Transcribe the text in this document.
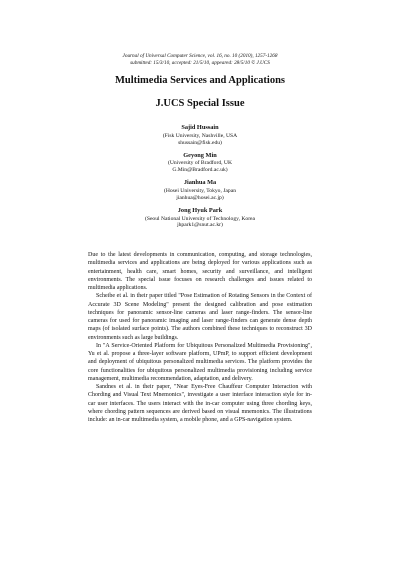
Journal of Universal Computer Science, vol. 16, no. 10 (2010), 1257-1268
submitted: 15/3/10, accepted: 21/5/10, appeared: 28/5/10 © J.UCS
Multimedia Services and Applications
J.UCS Special Issue
Sajid Hussain
(Fisk University, Nashville, USA
shussain@fisk.edu)
Geyong Min
(University of Bradford, UK
G.Min@Bradford.ac.uk)
Jianhua Ma
(Hosei University, Tokyo, Japan
jianhua@hosei.ac.jp)
Jong Hyuk Park
(Seoul National University of Technology, Korea
jhpark1@snut.ac.kr)

Due to the latest developments in communication, computing, and storage technologies, multimedia services and applications are being deployed for various applications such as entertainment, health care, smart homes, security and surveillance, and intelligent environments. The special issue focuses on research challenges and issues related to multimedia applications.

Scheibe et al. in their paper titled "Pose Estimation of Rotating Sensors in the Context of Accurate 3D Scene Modeling" present the designed calibration and pose estimation techniques for panoramic sensor-line cameras and laser range-finders. The sensor-line cameras for used for panoramic imaging and laser range-finders can generate dense depth maps (of isolated surface points). The authors combined these techniques to reconstruct 3D environments such as large buildings.

In "A Service-Oriented Platform for Ubiquitous Personalized Multimedia Provisioning", Yu et al. propose a three-layer software platform, UPmP, to support efficient development and deployment of ubiquitous personalized multimedia services. The platform provides the core functionalities for ubiquitous personalized multimedia provisioning including service management, multimedia recommendation, adaptation, and delivery.

Sandnes et al. in their paper, "Near Eyes-Free Chauffeur Computer Interaction with Chording and Visual Text Mnemonics", investigate a user interface interaction style for in-car user interfaces. The users interact with the in-car computer using three chording keys, where chording pattern sequences are derived based on visual mnemonics. The illustrations include: an in-car multimedia system, a mobile phone, and a GPS-navigation system.
